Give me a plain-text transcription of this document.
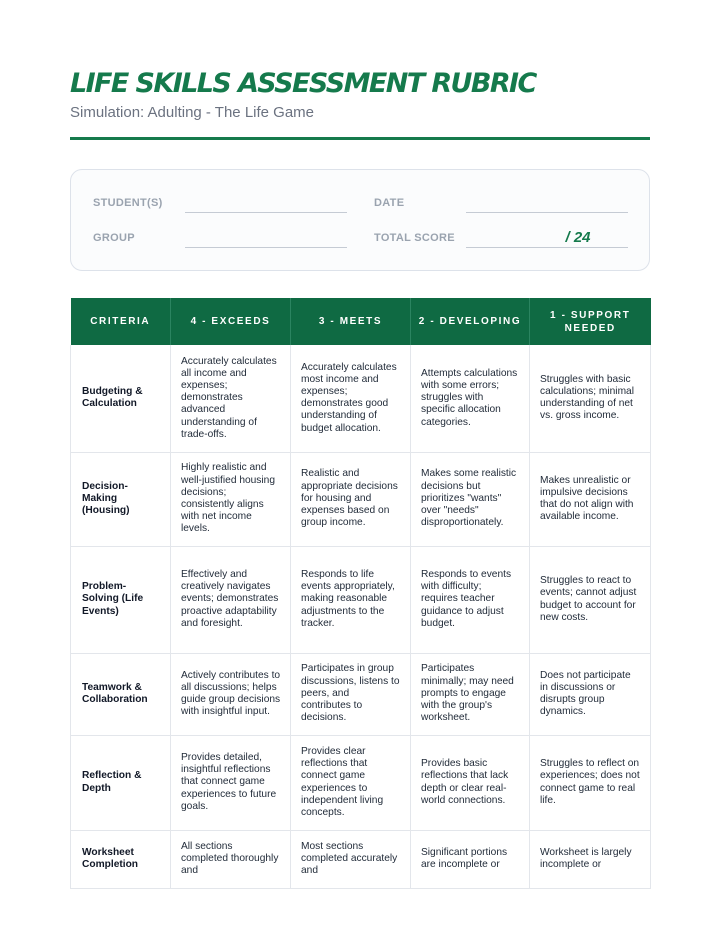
LIFE SKILLS ASSESSMENT RUBRIC

Simulation: Adulting - The Life Game

STUDENT(S)	DATE
GROUP	TOTAL SCORE	/ 24
CRITERIA	4 - EXCEEDS	3 - MEETS	2 - DEVELOPING	1 - SUPPORT NEEDED
Budgeting & Calculation	Accurately calculates all income and expenses; demonstrates advanced understanding of trade-offs.	Accurately calculates most income and expenses; demonstrates good understanding of budget allocation.	Attempts calculations with some errors; struggles with specific allocation categories.	Struggles with basic calculations; minimal understanding of net vs. gross income.
Decision-Making (Housing)	Highly realistic and well-justified housing decisions; consistently aligns with net income levels.	Realistic and appropriate decisions for housing and expenses based on group income.	Makes some realistic decisions but prioritizes "wants" over "needs" disproportionately.	Makes unrealistic or impulsive decisions that do not align with available income.
Problem-Solving (Life Events)	Effectively and creatively navigates events; demonstrates proactive adaptability and foresight.	Responds to life events appropriately, making reasonable adjustments to the tracker.	Responds to events with difficulty; requires teacher guidance to adjust budget.	Struggles to react to events; cannot adjust budget to account for new costs.
Teamwork & Collaboration	Actively contributes to all discussions; helps guide group decisions with insightful input.	Participates in group discussions, listens to peers, and contributes to decisions.	Participates minimally; may need prompts to engage with the group's worksheet.	Does not participate in discussions or disrupts group dynamics.
Reflection & Depth	Provides detailed, insightful reflections that connect game experiences to future goals.	Provides clear reflections that connect game experiences to independent living concepts.	Provides basic reflections that lack depth or clear real-world connections.	Struggles to reflect on experiences; does not connect game to real life.
Worksheet Completion	All sections completed thoroughly and	Most sections completed accurately and	Significant portions are incomplete or	Worksheet is largely incomplete or
